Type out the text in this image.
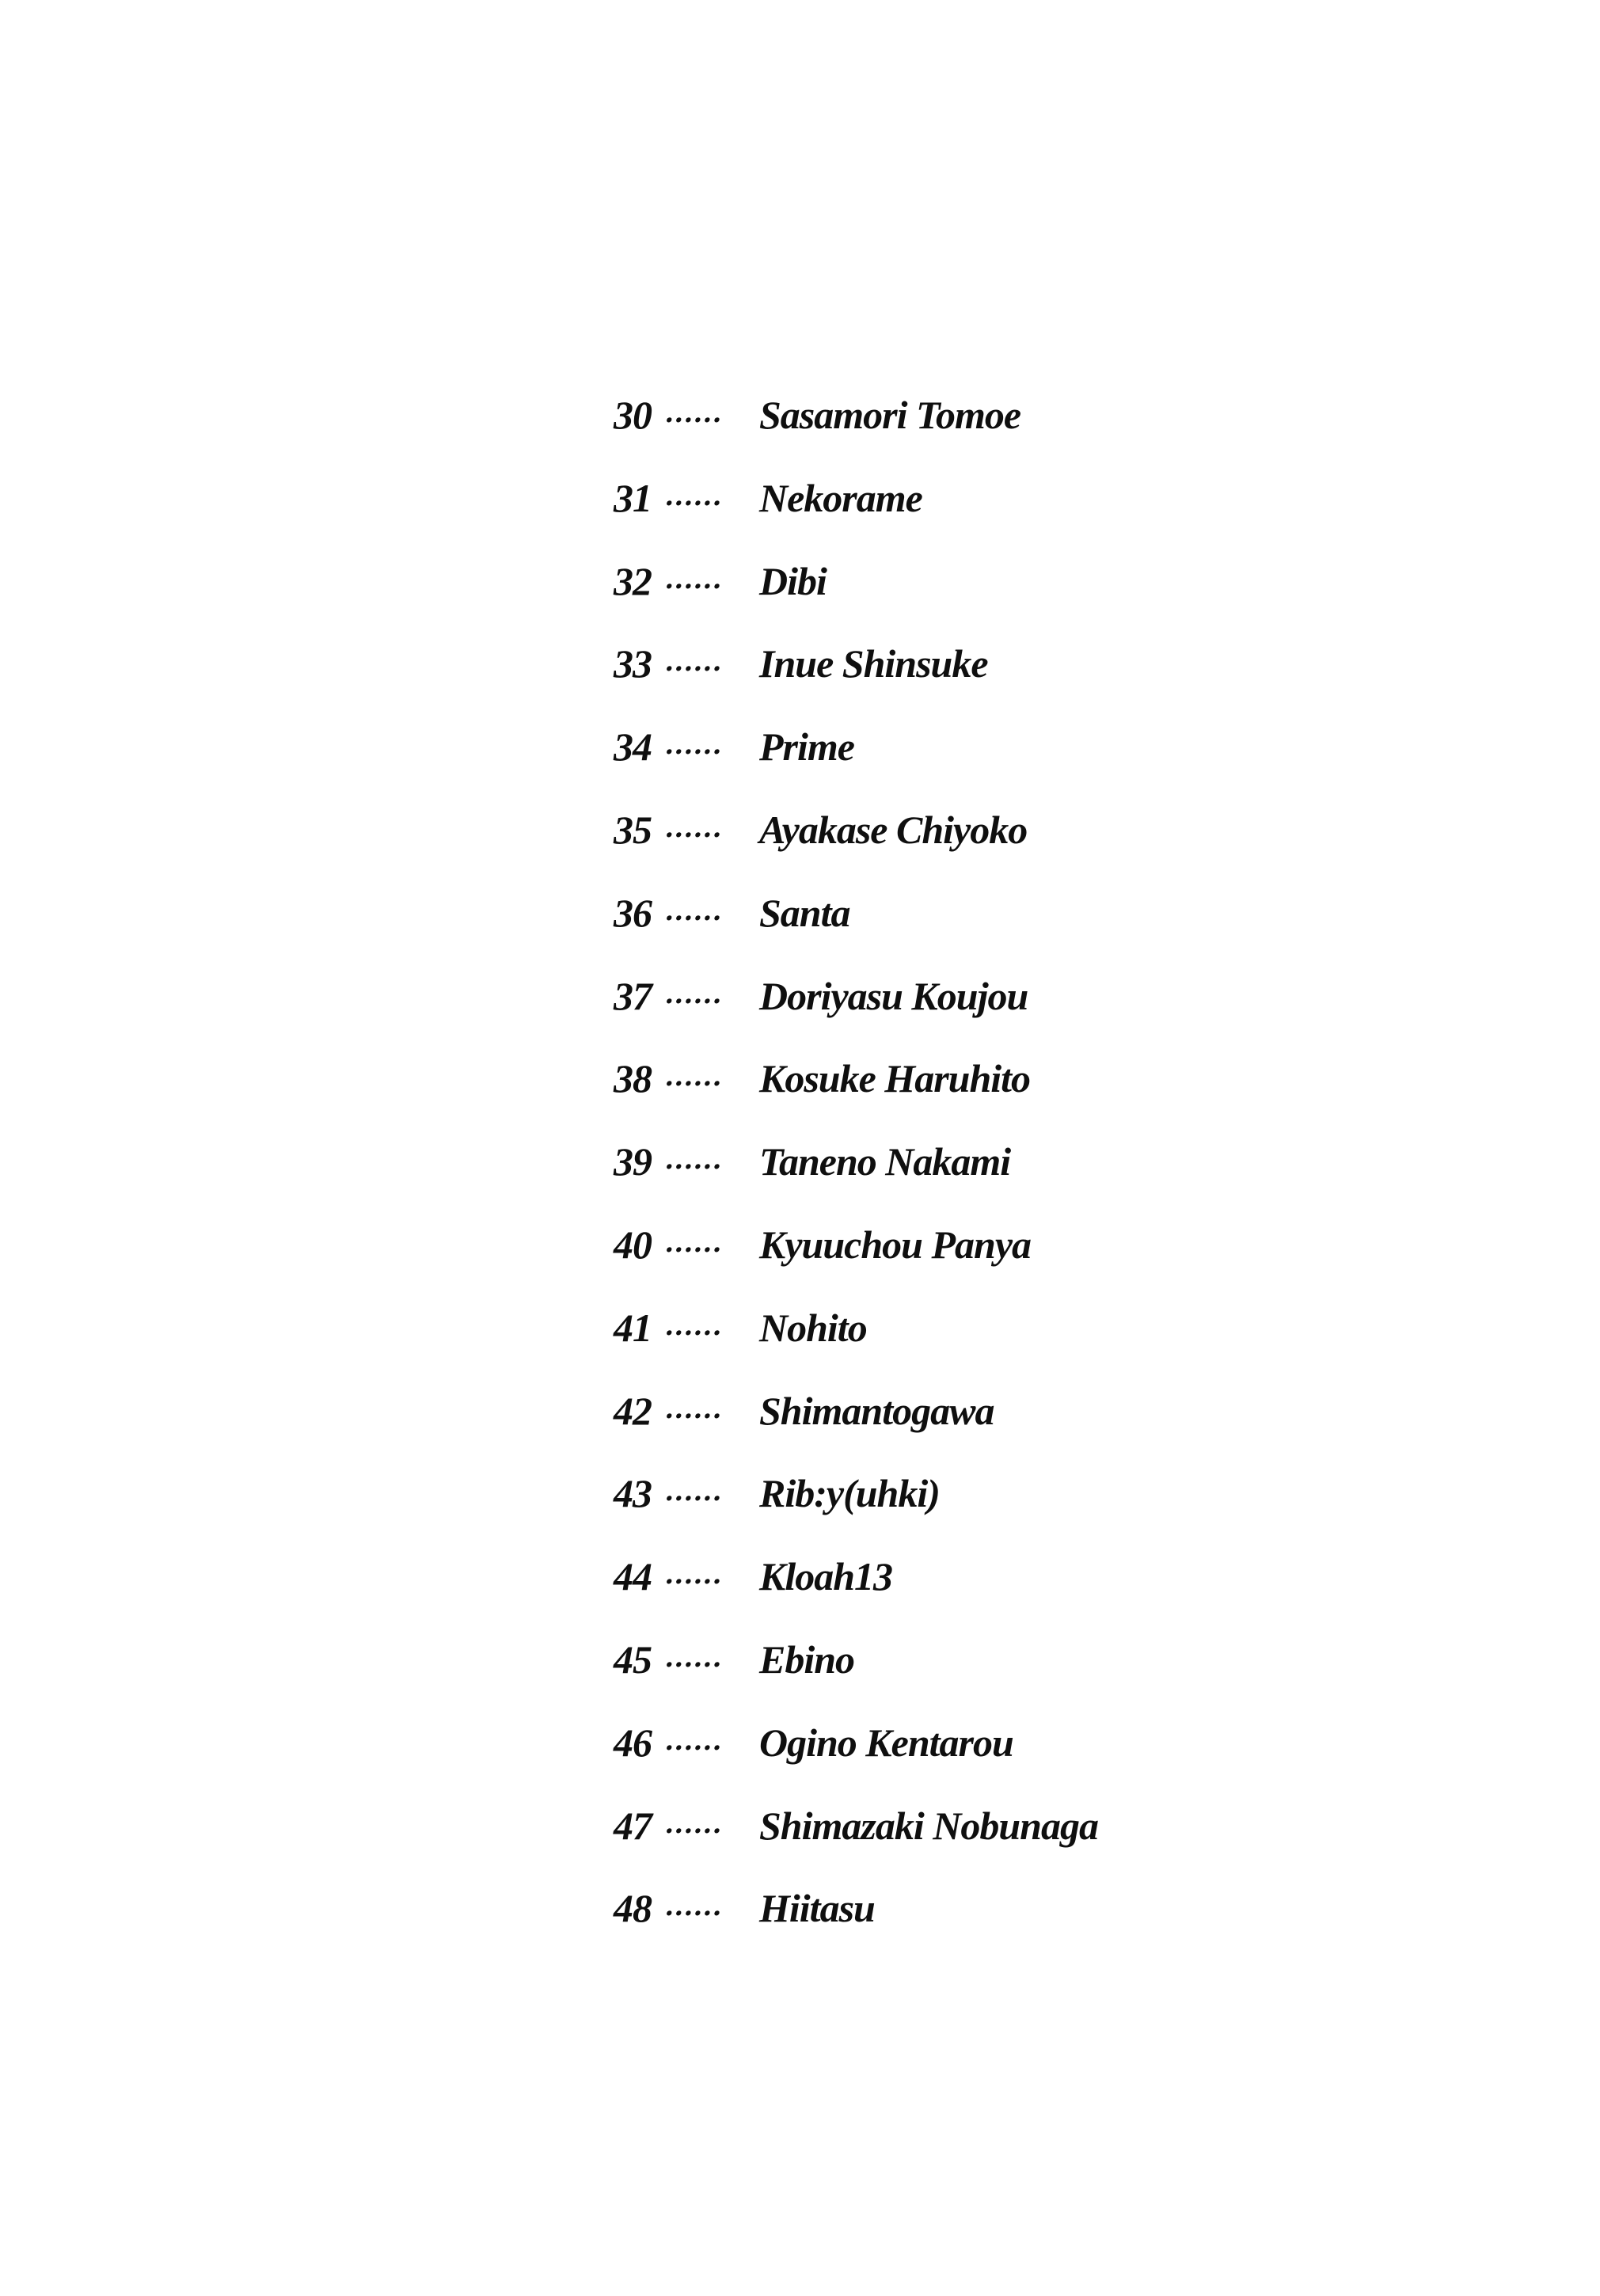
30 •••••• Sasamori Tomoe
31 •••••• Nekorame
32 •••••• Dibi
33 •••••• Inue Shinsuke
34 •••••• Prime
35 •••••• Ayakase Chiyoko
36 •••••• Santa
37 •••••• Doriyasu Koujou
38 •••••• Kosuke Haruhito
39 •••••• Taneno Nakami
40 •••••• Kyuuchou Panya
41 •••••• Nohito
42 •••••• Shimantogawa
43 •••••• Rib:y(uhki)
44 •••••• Kloah13
45 •••••• Ebino
46 •••••• Ogino Kentarou
47 •••••• Shimazaki Nobunaga
48 •••••• Hiitasu
